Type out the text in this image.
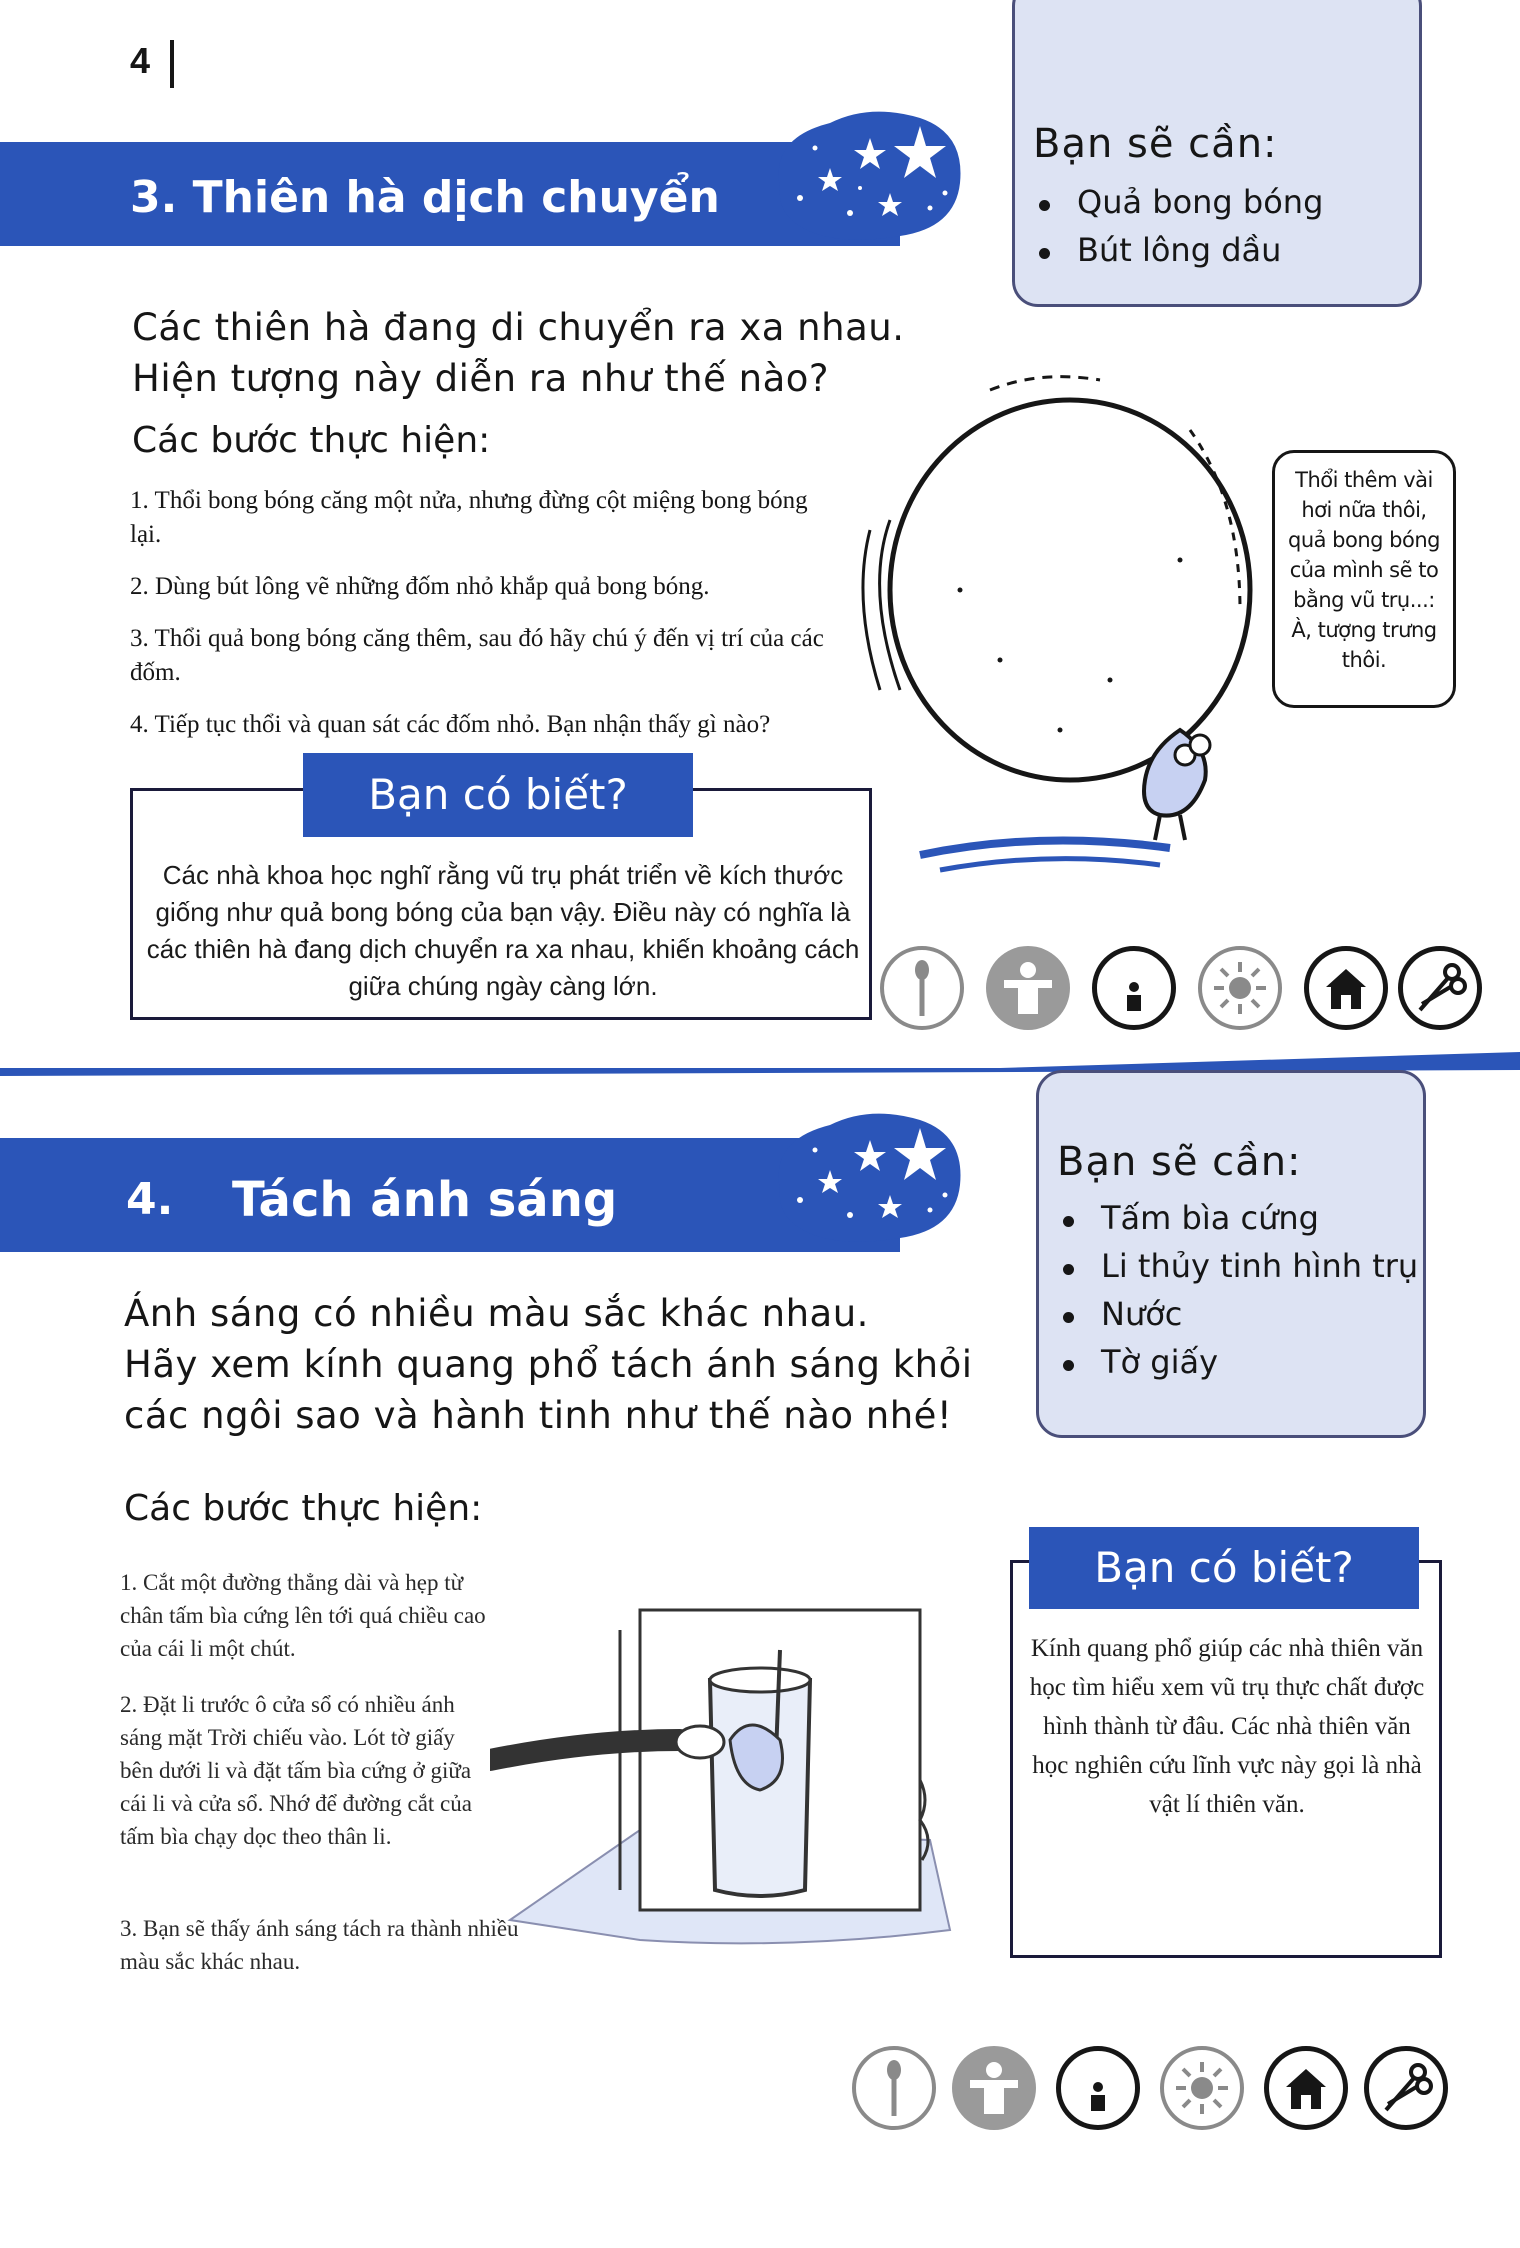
4
3. Thiên hà dịch chuyển
Bạn sẽ cần:
Quả bong bóng
Bút lông dầu
Các thiên hà đang di chuyển ra xa nhau.
Hiện tượng này diễn ra như thế nào?
Các bước thực hiện:
1. Thổi bong bóng căng một nửa, nhưng đừng cột miệng bong bóng lại.
2. Dùng bút lông vẽ những đốm nhỏ khắp quả bong bóng.
3. Thổi quả bong bóng căng thêm, sau đó hãy chú ý đến vị trí của các đốm.
4. Tiếp tục thổi và quan sát các đốm nhỏ. Bạn nhận thấy gì nào?
Bạn có biết?
Các nhà khoa học nghĩ rằng vũ trụ phát triển về kích thước giống như quả bong bóng của bạn vậy. Điều này có nghĩa là các thiên hà đang dịch chuyển ra xa nhau, khiến khoảng cách giữa chúng ngày càng lớn.
Thổi thêm vài hơi nữa thôi, quả bong bóng của mình sẽ to bằng vũ trụ...: À, tượng trưng thôi.
4. Tách ánh sáng
Bạn sẽ cần:
Tấm bìa cứng
Li thủy tinh hình trụ
Nước
Tờ giấy
Ánh sáng có nhiều màu sắc khác nhau.
Hãy xem kính quang phổ tách ánh sáng khỏi
các ngôi sao và hành tinh như thế nào nhé!
Các bước thực hiện:
1. Cắt một đường thẳng dài và hẹp từ chân tấm bìa cứng lên tới quá chiều cao của cái li một chút.
2. Đặt li trước ô cửa sổ có nhiều ánh sáng mặt Trời chiếu vào. Lót tờ giấy bên dưới li và đặt tấm bìa cứng ở giữa cái li và cửa sổ. Nhớ để đường cắt của tấm bìa chạy dọc theo thân li.
3. Bạn sẽ thấy ánh sáng tách ra thành nhiều màu sắc khác nhau.
Bạn có biết?
Kính quang phổ giúp các nhà thiên văn học tìm hiểu xem vũ trụ thực chất được hình thành từ đâu. Các nhà thiên văn học nghiên cứu lĩnh vực này gọi là nhà vật lí thiên văn.
